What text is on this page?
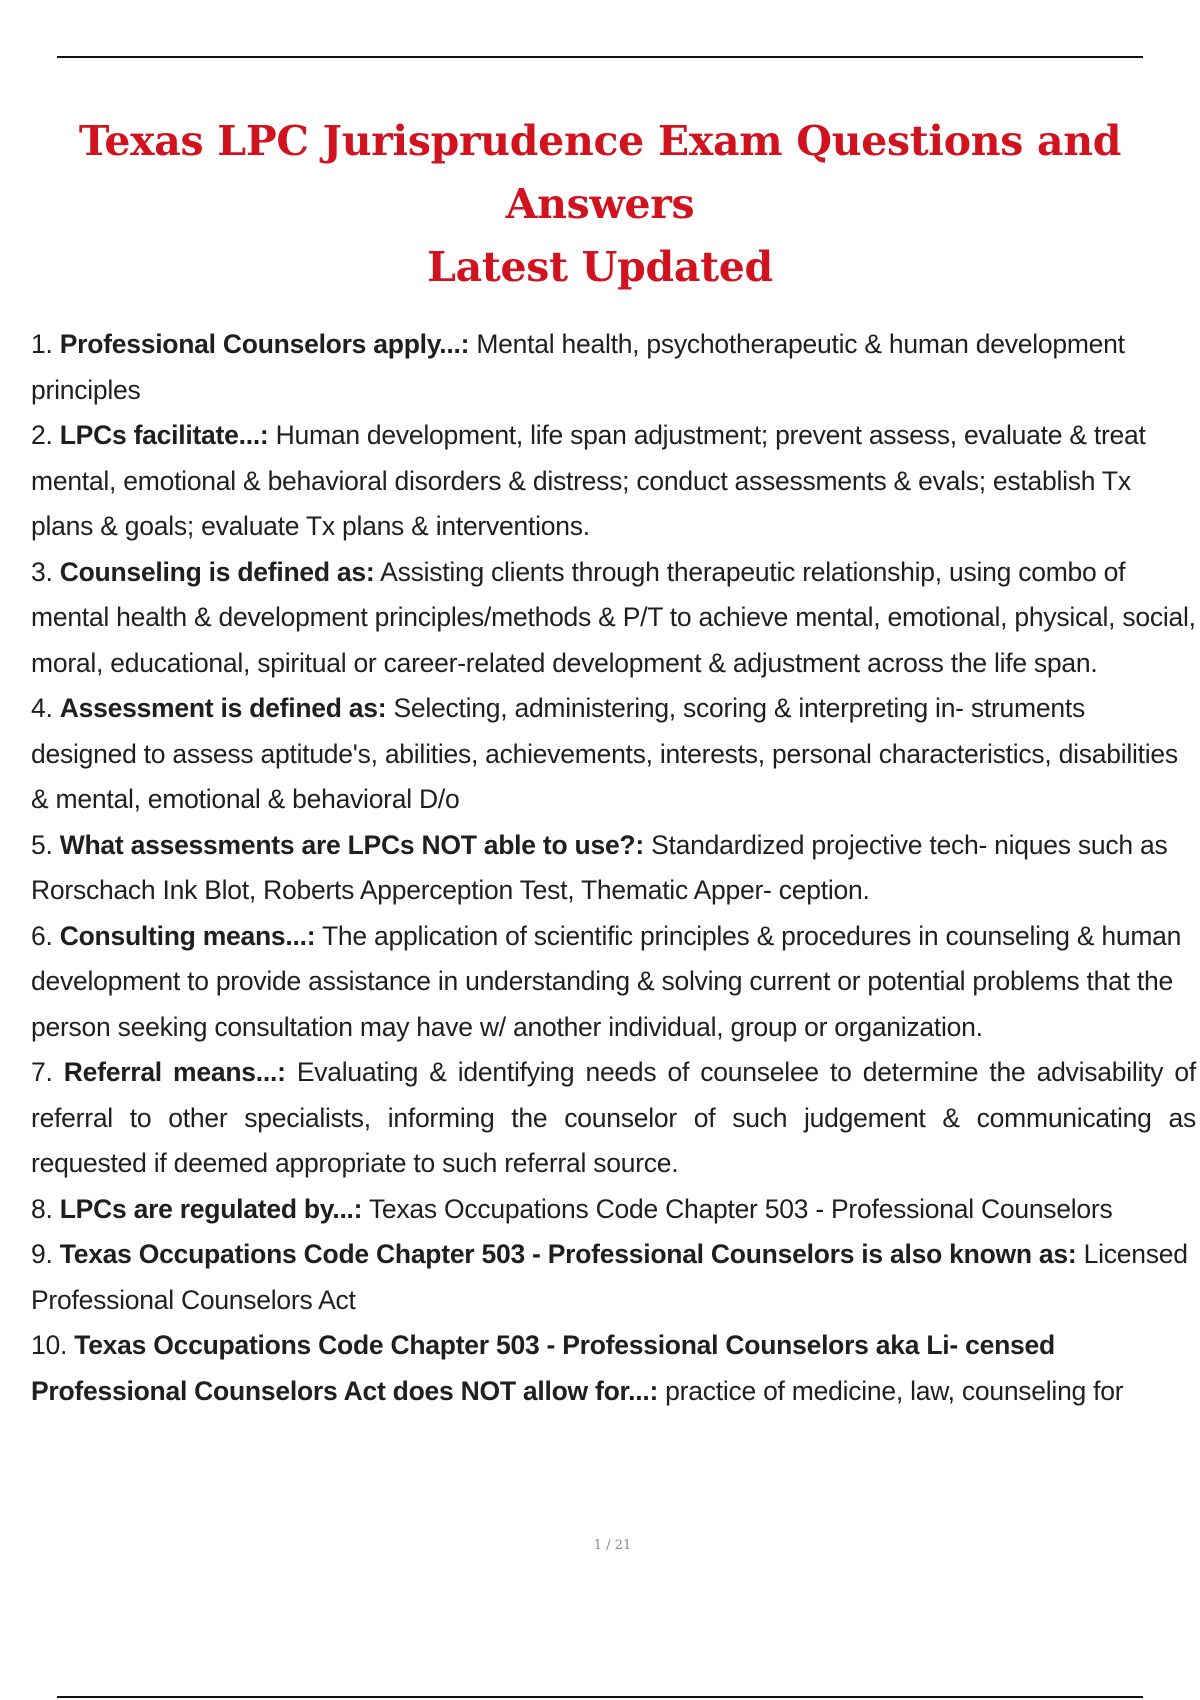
Texas LPC Jurisprudence Exam Questions and Answers
Latest Updated
1. Professional Counselors apply...: Mental health, psychotherapeutic & human development principles
2. LPCs facilitate...: Human development, life span adjustment; prevent assess, evaluate & treat mental, emotional & behavioral disorders & distress; conduct assessments & evals; establish Tx plans & goals; evaluate Tx plans & interventions.
3. Counseling is defined as: Assisting clients through therapeutic relationship, using combo of mental health & development principles/methods & P/T to achieve mental, emotional, physical, social, moral, educational, spiritual or career-related development & adjustment across the life span.
4. Assessment is defined as: Selecting, administering, scoring & interpreting in- struments designed to assess aptitude's, abilities, achievements, interests, personal characteristics, disabilities & mental, emotional & behavioral D/o
5. What assessments are LPCs NOT able to use?: Standardized projective tech- niques such as Rorschach Ink Blot, Roberts Apperception Test, Thematic Apper- ception.
6. Consulting means...: The application of scientific principles & procedures in counseling & human development to provide assistance in understanding & solving current or potential problems that the person seeking consultation may have w/ another individual, group or organization.
7. Referral means...: Evaluating & identifying needs of counselee to determine the advisability of referral to other specialists, informing the counselor of such judgement & communicating as requested if deemed appropriate to such referral source.
8. LPCs are regulated by...: Texas Occupations Code Chapter 503 - Professional Counselors
9. Texas Occupations Code Chapter 503 - Professional Counselors is also known as: Licensed Professional Counselors Act
10. Texas Occupations Code Chapter 503 - Professional Counselors aka Li- censed Professional Counselors Act does NOT allow for...: practice of medicine, law, counseling for
1 / 21
